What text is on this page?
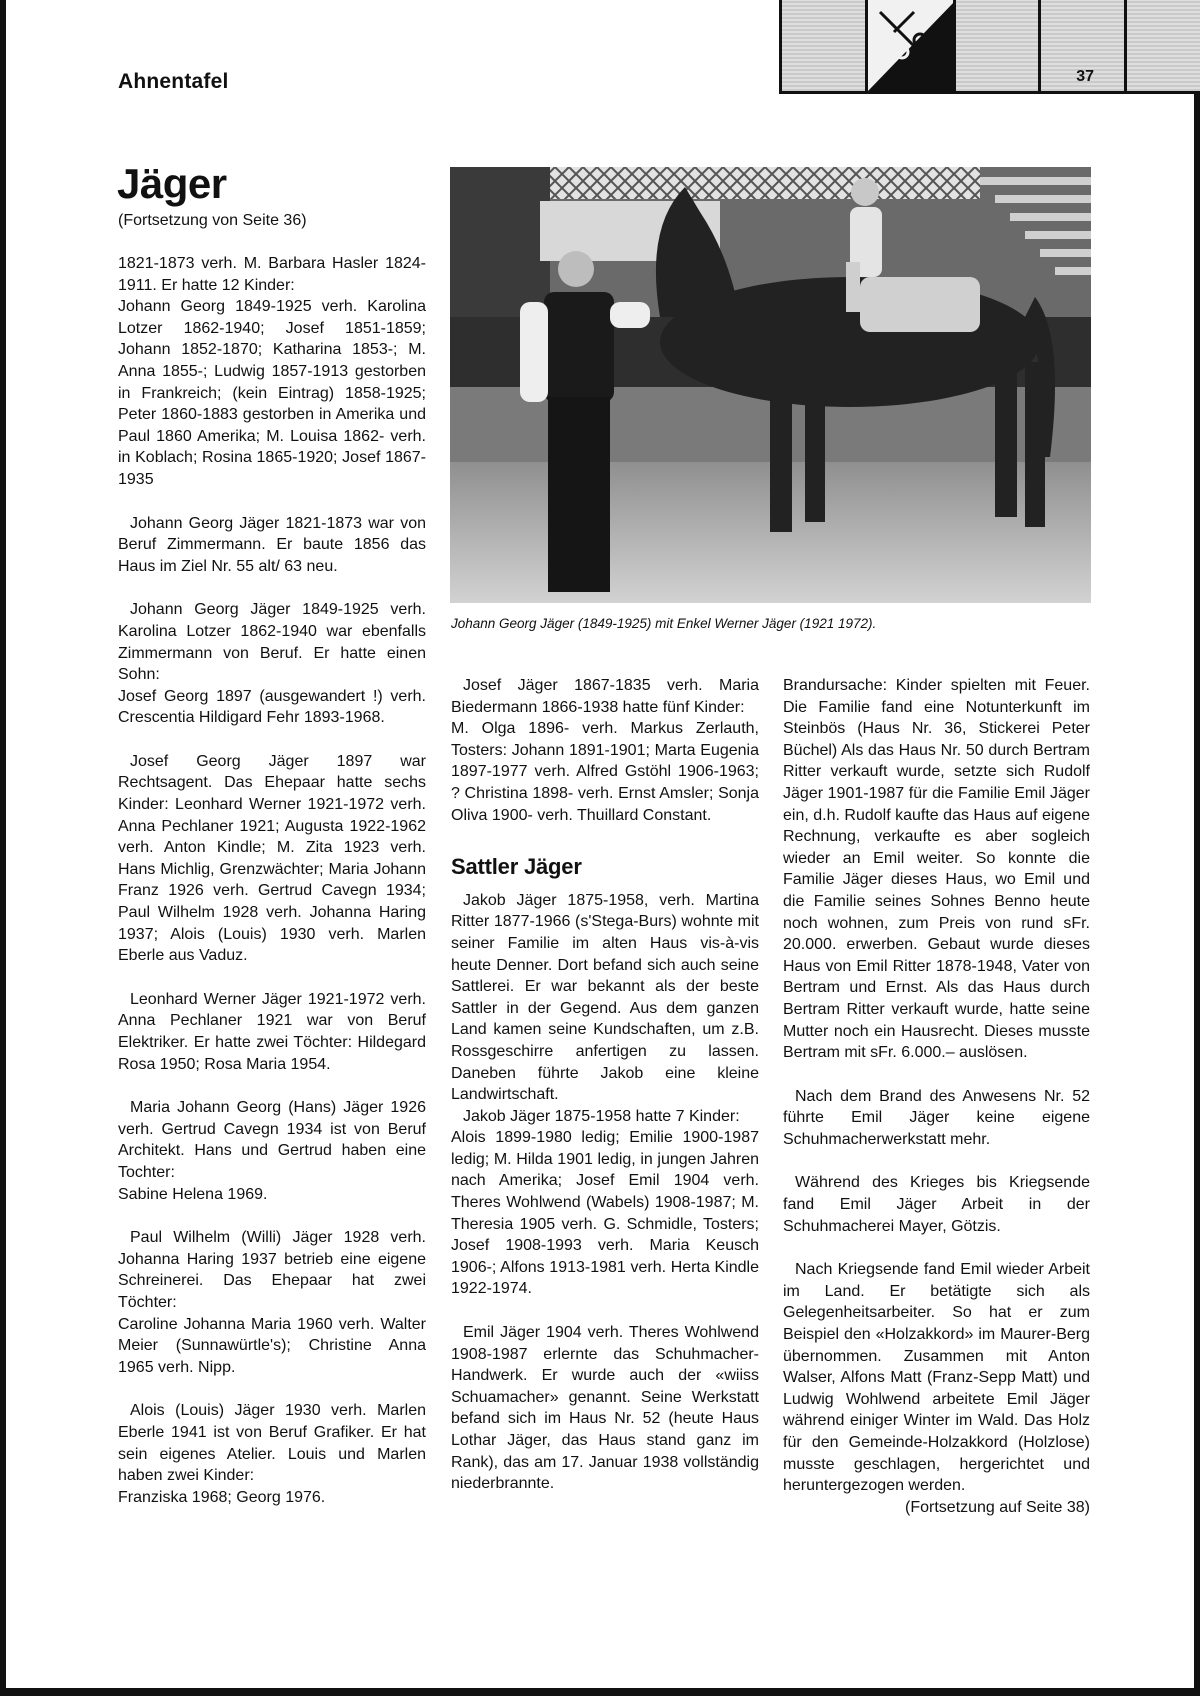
Ahnentafel	37
Jäger
(Fortsetzung von Seite 36)

1821-1873 verh. M. Barbara Hasler 1824-1911. Er hatte 12 Kinder:
Johann Georg 1849-1925 verh. Karolina Lotzer 1862-1940; Josef 1851-1859; Johann 1852-1870; Katharina 1853-; M. Anna 1855-; Ludwig 1857-1913 gestorben in Frankreich; (kein Eintrag) 1858-1925; Peter 1860-1883 gestorben in Amerika und Paul 1860 Amerika; M. Louisa 1862- verh. in Koblach; Rosina 1865-1920; Josef 1867-1935

Johann Georg Jäger 1821-1873 war von Beruf Zimmermann. Er baute 1856 das Haus im Ziel Nr. 55 alt/ 63 neu.

Johann Georg Jäger 1849-1925 verh. Karolina Lotzer 1862-1940 war ebenfalls Zimmermann von Beruf. Er hatte einen Sohn:
Josef Georg 1897 (ausgewandert !) verh. Crescentia Hildigard Fehr 1893-1968.

Josef Georg Jäger 1897 war Rechtsagent. Das Ehepaar hatte sechs Kinder: Leonhard Werner 1921-1972 verh. Anna Pechlaner 1921; Augusta 1922-1962 verh. Anton Kindle; M. Zita 1923 verh. Hans Michlig, Grenzwächter; Maria Johann Franz 1926 verh. Gertrud Cavegn 1934; Paul Wilhelm 1928 verh. Johanna Haring 1937; Alois (Louis) 1930 verh. Marlen Eberle aus Vaduz.

Leonhard Werner Jäger 1921-1972 verh. Anna Pechlaner 1921 war von Beruf Elektriker. Er hatte zwei Töchter: Hildegard Rosa 1950; Rosa Maria 1954.

Maria Johann Georg (Hans) Jäger 1926 verh. Gertrud Cavegn 1934 ist von Beruf Architekt. Hans und Gertrud haben eine Tochter:
Sabine Helena 1969.

Paul Wilhelm (Willi) Jäger 1928 verh. Johanna Haring 1937 betrieb eine eigene Schreinerei. Das Ehepaar hat zwei Töchter:
Caroline Johanna Maria 1960 verh. Walter Meier (Sunnawürtle's); Christine Anna 1965 verh. Nipp.

Alois (Louis) Jäger 1930 verh. Marlen Eberle 1941 ist von Beruf Grafiker. Er hat sein eigenes Atelier. Louis und Marlen haben zwei Kinder:
Franziska 1968; Georg 1976.

Johann Georg Jäger (1849-1925) mit Enkel Werner Jäger (1921 1972).

Josef Jäger 1867-1835 verh. Maria Biedermann 1866-1938 hatte fünf Kinder:

M. Olga 1896- verh. Markus Zerlauth, Tosters: Johann 1891-1901; Marta Eugenia 1897-1977 verh. Alfred Gstöhl 1906-1963; ? Christina 1898- verh. Ernst Amsler; Sonja Oliva 1900- verh. Thuillard Constant.

Sattler Jäger

Jakob Jäger 1875-1958, verh. Martina Ritter 1877-1966 (s'Stega-Burs) wohnte mit seiner Familie im alten Haus vis-à-vis heute Denner. Dort befand sich auch seine Sattlerei. Er war bekannt als der beste Sattler in der Gegend. Aus dem ganzen Land kamen seine Kundschaften, um z.B. Rossgeschirre anfertigen zu lassen. Daneben führte Jakob eine kleine Landwirtschaft.

Jakob Jäger 1875-1958 hatte 7 Kinder:

Alois 1899-1980 ledig; Emilie 1900-1987 ledig; M. Hilda 1901 ledig, in jungen Jahren nach Amerika; Josef Emil 1904 verh. Theres Wohlwend (Wabels) 1908-1987; M. Theresia 1905 verh. G. Schmidle, Tosters; Josef 1908-1993 verh. Maria Keusch 1906-; Alfons 1913-1981 verh. Herta Kindle 1922-1974.

Emil Jäger 1904 verh. Theres Wohlwend 1908-1987 erlernte das Schuhmacher-Handwerk. Er wurde auch der «wiiss Schuamacher» genannt. Seine Werkstatt befand sich im Haus Nr. 52 (heute Haus Lothar Jäger, das Haus stand ganz im Rank), das am 17. Januar 1938 vollständig niederbrannte.

Brandursache: Kinder spielten mit Feuer. Die Familie fand eine Notunterkunft im Steinbös (Haus Nr. 36, Stickerei Peter Büchel) Als das Haus Nr. 50 durch Bertram Ritter verkauft wurde, setzte sich Rudolf Jäger 1901-1987 für die Familie Emil Jäger ein, d.h. Rudolf kaufte das Haus auf eigene Rechnung, verkaufte es aber sogleich wieder an Emil weiter. So konnte die Familie Jäger dieses Haus, wo Emil und die Familie seines Sohnes Benno heute noch wohnen, zum Preis von rund sFr. 20.000. erwerben. Gebaut wurde dieses Haus von Emil Ritter 1878-1948, Vater von Bertram und Ernst. Als das Haus durch Bertram Ritter verkauft wurde, hatte seine Mutter noch ein Hausrecht. Dieses musste Bertram mit sFr. 6.000.– auslösen.

Nach dem Brand des Anwesens Nr. 52 führte Emil Jäger keine eigene Schuhmacherwerkstatt mehr.

Während des Krieges bis Kriegsende fand Emil Jäger Arbeit in der Schuhmacherei Mayer, Götzis.

Nach Kriegsende fand Emil wieder Arbeit im Land. Er betätigte sich als Gelegenheitsarbeiter. So hat er zum Beispiel den «Holzakkord» im Maurer-Berg übernommen. Zusammen mit Anton Walser, Alfons Matt (Franz-Sepp Matt) und Ludwig Wohlwend arbeitete Emil Jäger während einiger Winter im Wald. Das Holz für den Gemeinde-Holzakkord (Holzlose) musste geschlagen, hergerichtet und heruntergezogen werden.

(Fortsetzung auf Seite 38)
